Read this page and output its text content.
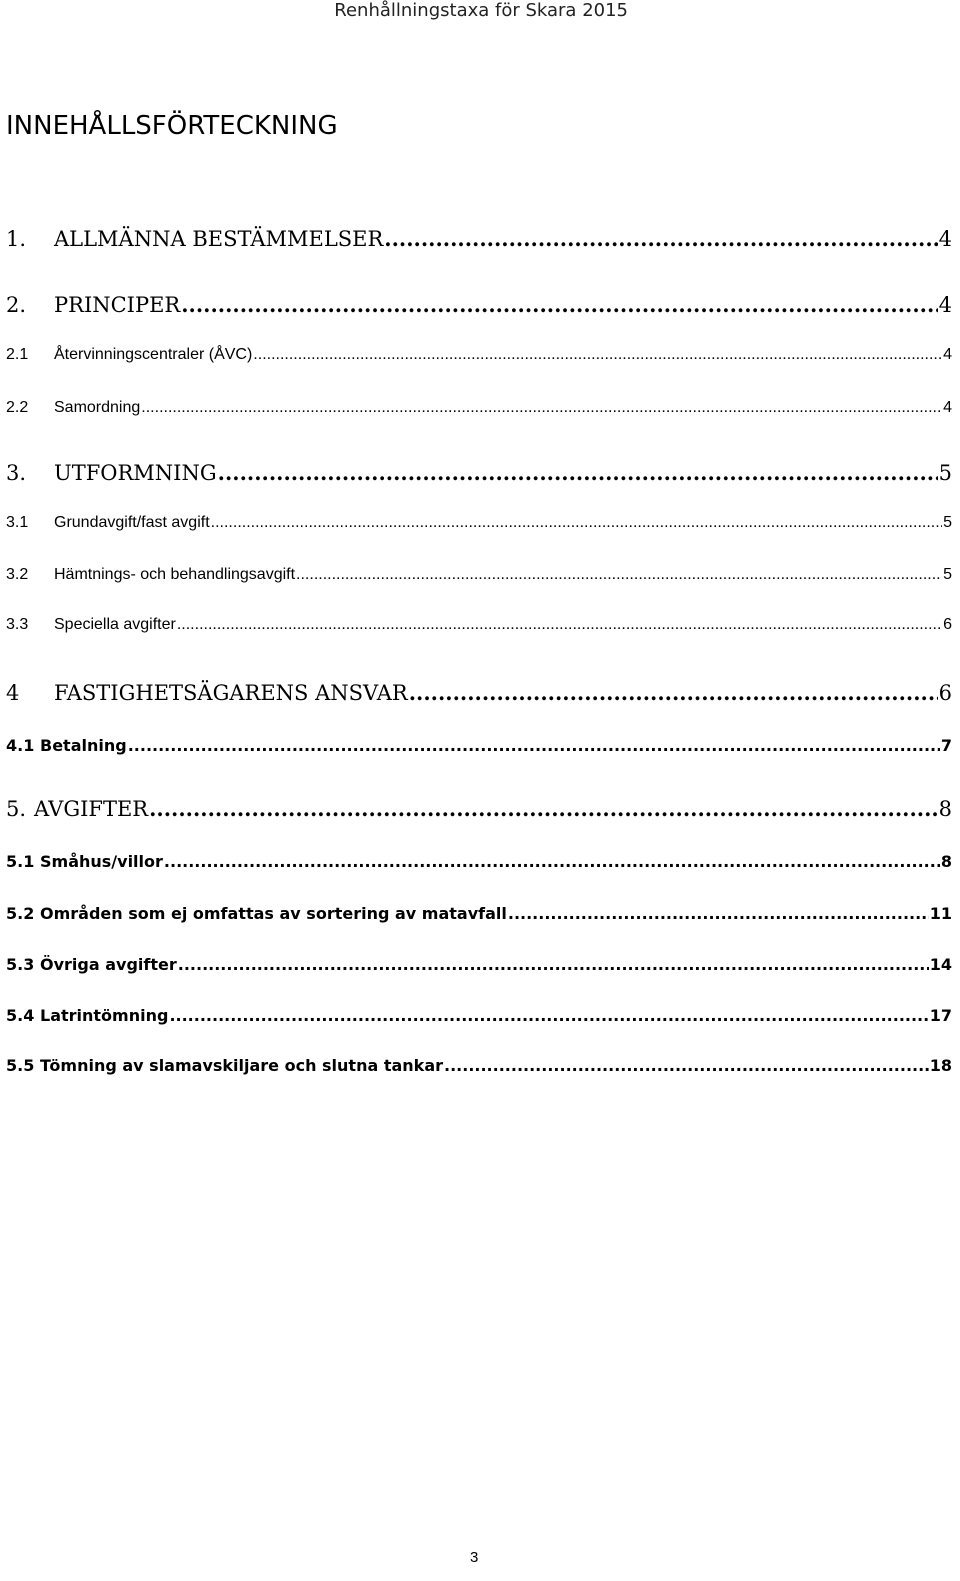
Renhållningstaxa för Skara 2015
INNEHÅLLSFÖRTECKNING
1.	ALLMÄNNA BESTÄMMELSER .....	4
2.	PRINCIPER .....	4
2.1	Återvinningscentraler (ÅVC) .....	4
2.2	Samordning .....	4
3.	UTFORMNING .....	5
3.1	Grundavgift/fast avgift .....	5
3.2	Hämtnings- och behandlingsavgift .....	5
3.3	Speciella avgifter .....	6
4	FASTIGHETSÄGARENS ANSVAR .....	6
4.1 Betalning .....	7
5. AVGIFTER .....	8
5.1 Småhus/villor .....	8
5.2 Områden som ej omfattas av sortering av matavfall .....	11
5.3 Övriga avgifter .....	14
5.4 Latrintömning .....	17
5.5 Tömning av slamavskiljare och slutna tankar .....	18
3
